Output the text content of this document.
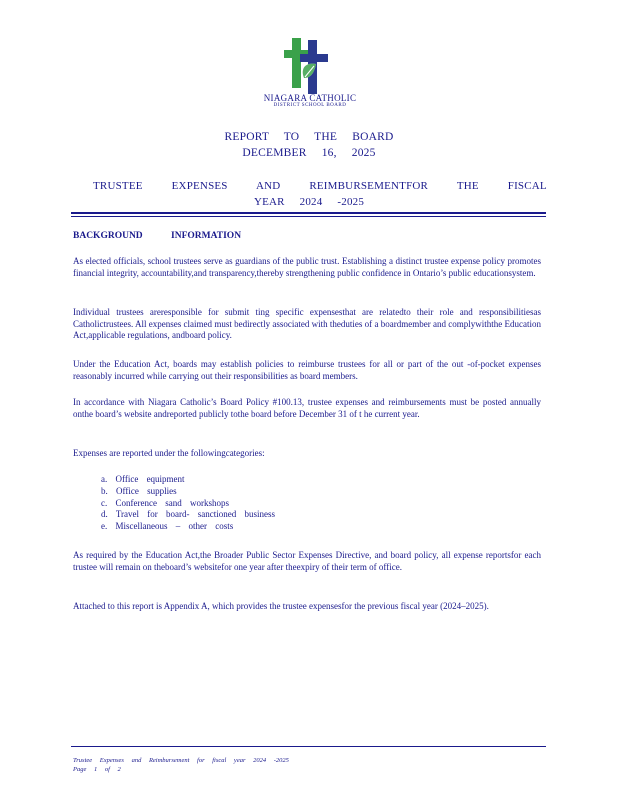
NIAGARA CATHOLIC
DISTRICT SCHOOL BOARD
REPORT TO THE BOARD
DECEMBER 16, 2025
TRUSTEE EXPENSES AND REIMBURSEMENTFOR THE FISCAL
YEAR 2024 -2025
BACKGROUND INFORMATION
As elected officials, school trustees serve as guardians of the public trust. Establishing a distinct trustee expense policy promotes financial integrity, accountability,and transparency,thereby strengthening public confidence in Ontario’s public educationsystem.
Individual trustees areresponsible for submit ting specific expensesthat are relatedto their role and responsibilitiesas Catholictrustees. All expenses claimed must bedirectly associated with theduties of a boardmember and complywiththe Education Act,applicable regulations, andboard policy.
Under the Education Act, boards may establish policies to reimburse trustees for all or part of the out -of-pocket expenses reasonably incurred while carrying out their responsibilities as board members.
In accordance with Niagara Catholic’s Board Policy #100.13, trustee expenses and reimbursements must be posted annually onthe board’s website andreported publicly tothe board before December 31 of t he current year.
Expenses are reported under the followingcategories:
a. Office equipment
b. Office supplies
c. Conference sand workshops
d. Travel for board- sanctioned business
e. Miscellaneous – other costs
As required by the Education Act,the Broader Public Sector Expenses Directive, and board policy, all expense reportsfor each trustee will remain on theboard’s websitefor one year after theexpiry of their term of office.
Attached to this report is Appendix A, which provides the trustee expensesfor the previous fiscal year (2024–2025).
Trustee Expenses and Reimbursement for fiscal year 2024 -2025
Page 1 of 2
